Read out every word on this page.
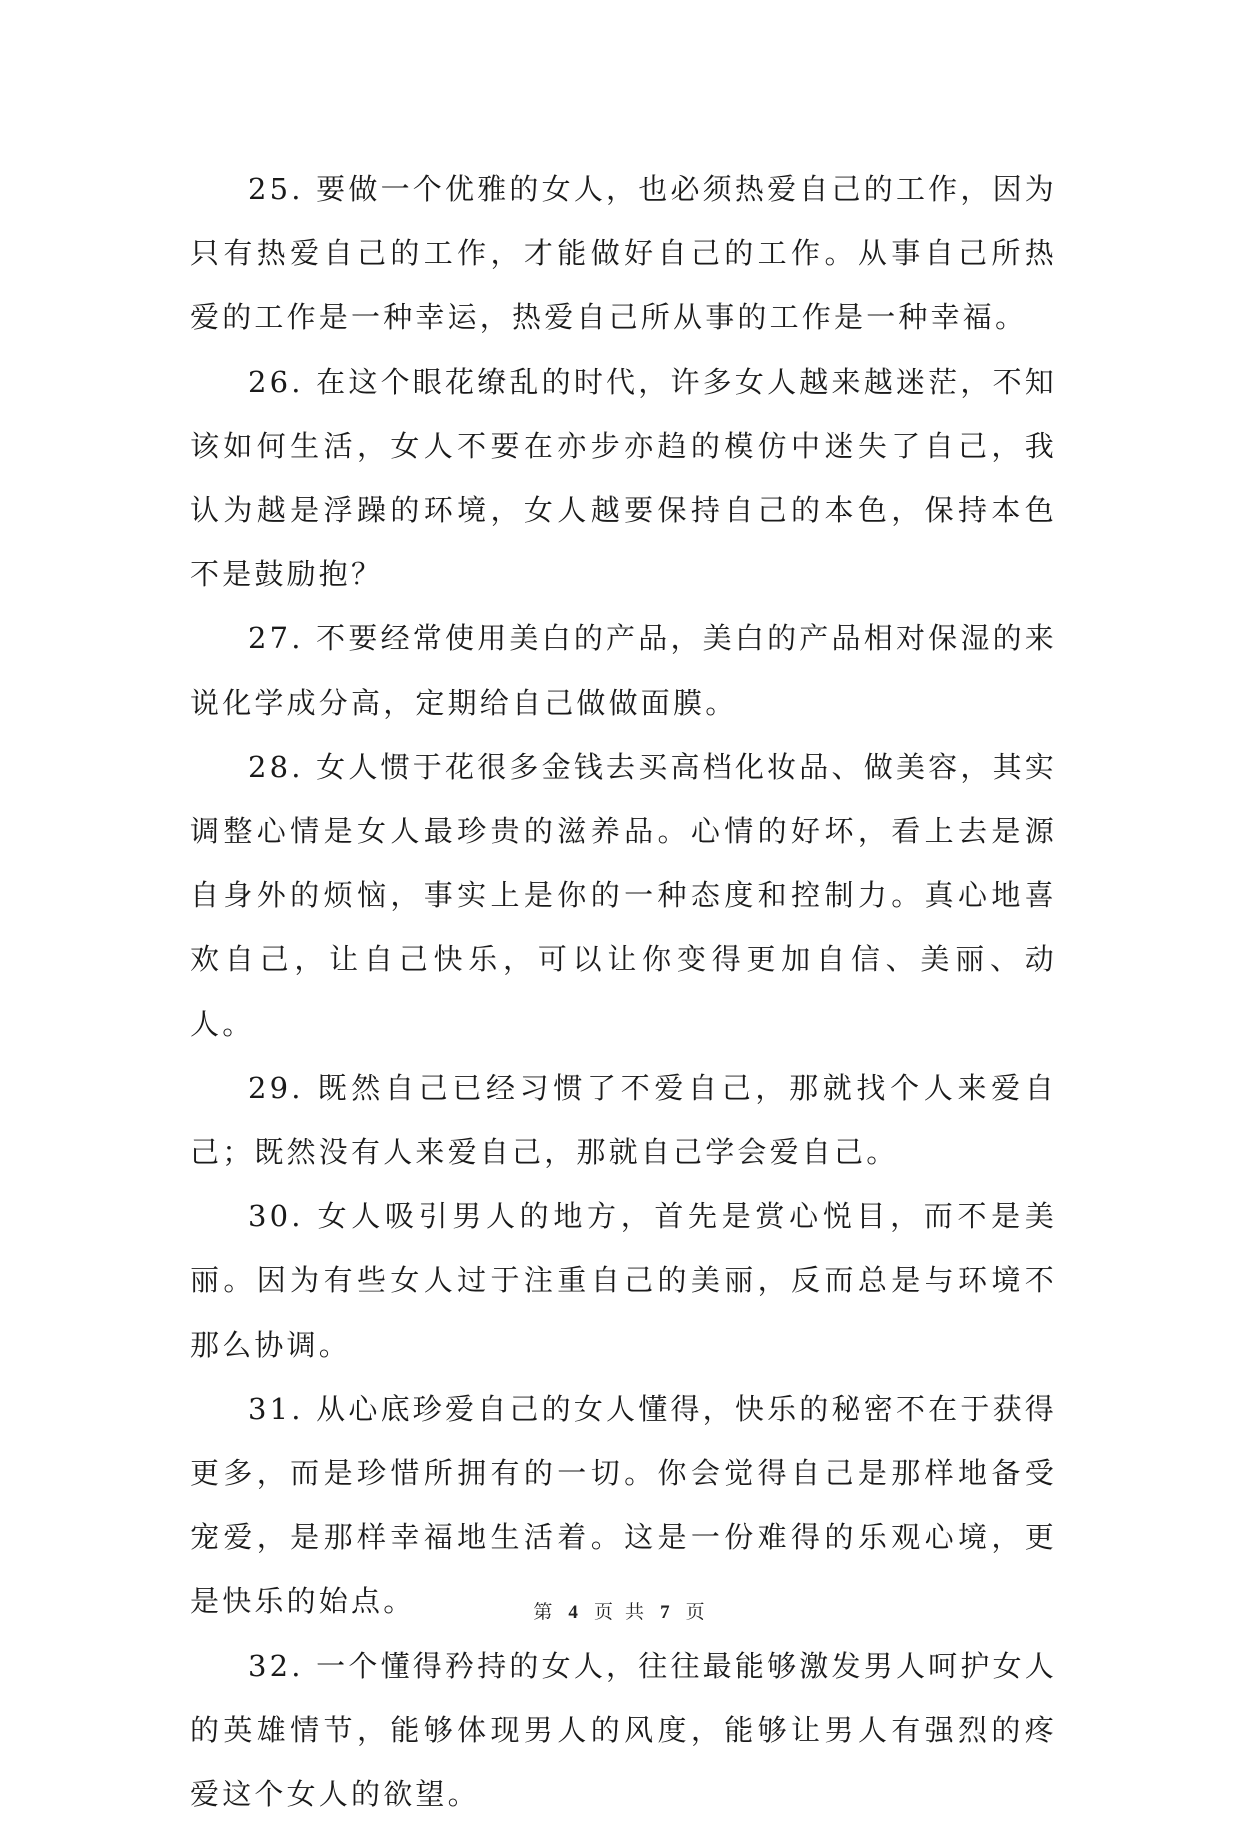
25. 要做一个优雅的女人，也必须热爱自己的工作，因为只有热爱自己的工作，才能做好自己的工作。从事自己所热爱的工作是一种幸运，热爱自己所从事的工作是一种幸福。

26. 在这个眼花缭乱的时代，许多女人越来越迷茫，不知该如何生活，女人不要在亦步亦趋的模仿中迷失了自己，我认为越是浮躁的环境，女人越要保持自己的本色，保持本色不是鼓励抱？

27. 不要经常使用美白的产品，美白的产品相对保湿的来说化学成分高，定期给自己做做面膜。

28. 女人惯于花很多金钱去买高档化妆品、做美容，其实调整心情是女人最珍贵的滋养品。心情的好坏，看上去是源自身外的烦恼，事实上是你的一种态度和控制力。真心地喜欢自己，让自己快乐，可以让你变得更加自信、美丽、动人。

29. 既然自己已经习惯了不爱自己，那就找个人来爱自己；既然没有人来爱自己，那就自己学会爱自己。

30. 女人吸引男人的地方，首先是赏心悦目，而不是美丽。因为有些女人过于注重自己的美丽，反而总是与环境不那么协调。

31. 从心底珍爱自己的女人懂得，快乐的秘密不在于获得更多，而是珍惜所拥有的一切。你会觉得自己是那样地备受宠爱，是那样幸福地生活着。这是一份难得的乐观心境，更是快乐的始点。

32. 一个懂得矜持的女人，往往最能够激发男人呵护女人的英雄情节，能够体现男人的风度，能够让男人有强烈的疼爱这个女人的欲望。

第 4 页 共 7 页
